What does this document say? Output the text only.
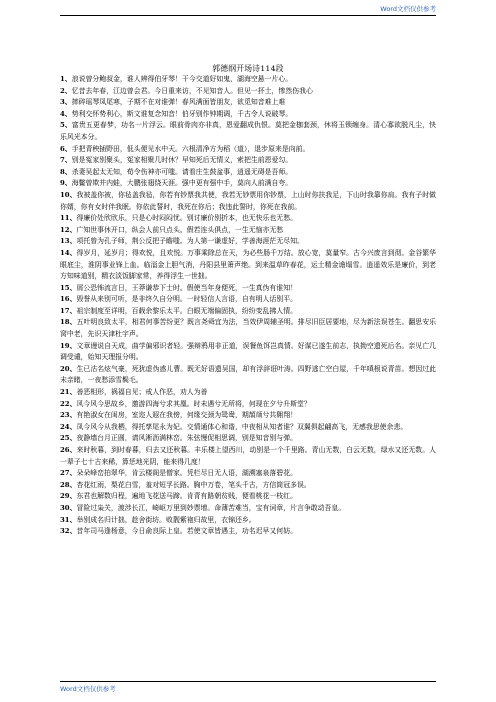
Word文档仅供参考
郭德纲开场诗114段

1、浪说曾分鲍叔金，谁人辨得伯牙琴！干今交道好如鬼，湖海空悬一片心。

2、忆昔去年春，江边曾会君。今日重来访，不见知音人。但见一抔土，惨然伤我心

3、摔碎瑶琴凤尾寒，子期不在对谁弹！春风满面皆朋友，欲觅知音难上难

4、势利交怀势利心，斯文谁复念知音！伯牙别作钟期调，千古令人说破琴。

5、富贵五更春梦，功名一片浮云。眼前骨肉亦非真，恩爱翻成仇恨。莫把金枷套颈，休将玉锁缠身。清心寡欲脱凡尘，快乐风光本分。

6、手把青秧插野田，低头便见水中天。六根清净方为稻（道），退步原来是向前。

7、别是冤家别聚头，冤家相聚几时休？早知死后无情义，索把生前恩爱勾。

8、杀妻吴起太无知，荀令伤神亦可嗤。请看庄生鼓盆事，逍遥无碍是吾师。

9、海鳖曾欺井内蛙，大鹏张翅绕天涯。强中更有强中手，莫向人前满自夸。

10、我被盖你被，你毡盖我毡，你若有钞票我共使，我若无钞票用你钞票，上山时你扶我足，下山时我靠你肩。我有子时做你婿，你有女时伴我眠。你依此誓时，我死在你后；我违此誓时，你死在我前。

11、得廉价处欣欣乐，只是心时闷闷忧。别讨廉价别折本，也无快乐也无愁。

12、广知世事休开口，纵会人前只点头。假若连头俱点，一生无恼亦无愁

13、项托曾为孔子师，荆公反把子瞻嗤。为人第一谦虚好，学善海涯茫无尽知。

14、得岁月，延岁月；得欢悦，且欢悦。万事乘除总在天，为必些肠千万结。放心宽，莫量窄。古今兴废言到彻。金谷繁华眼底尘，淮阴事业锋上血。临淄金上胆气消，丹阳县里箫声绝。到来温草昨春花，运土精金谵塌雪。逍遥效乐是廉价，到老方知味道别，精衣淡饭脚家常，养得浮生一世拙。

15、屑公恐怖流言日，王莽谦恭下士时。假使当年身便死，一生真伪有谁知！

16、毁誉从来别可听，是非终久自分明。一时轻信人言语，自有明人话别平。

17、祖宗制度至详明，百载余黎乐太平。白眼无端偏固执，纷纷变乱拂人情。

18、五叶明良致太平，相君何事苦纷更？既言尧舜宜为法，当效伊周辅圣明。排尽旧臣居要地，尽为新法误苍生。翻思安乐窝中老，先识天津杜宇声。

19、文章谩说自天成，曲学偏邪识者轻。强辩鸦用非正道，误餐鱼饵岂真情。好谋已遂生前志，执拗空遗死后名。亲见亡几调受谴，始知天理报分明。

20、生已沽名炫气豪，死犹虚伪惑儿曹。既无好语遗吴国，却有浮辞诳叶涛。四野逃亡空白屋，千年嗔根说青苗。想因过此未亲睹，一夜愁添雪鬓毛。

21、善恶相形，祸福自见；戒人作恶，劝人为善

22、风今风今思故乡，邀游四海兮求其凰。时未遇兮无所将，何现在夕兮升斯堂？

23、有艳淑女在闺房，室迩人遐在我傍，何缘交颈为鸳鸯，期頡颃兮共翱翔！

24、凤今风今从我栖，得托孳尾永为妃。交情通体心和谐，中夜相从知者谁？双翼俱起翩高飞，无感我思使余悲。

25、夜静墙台月正圆，请风淅沥满林峦。朱弦慢促相思调，别是知音别与弹。

26、来时秋暮，到时春暮，归去又还秋暮。丰乐楼上望西川，动别是一个千里路。青山无数，白云无数，绿水又还无数。人一辈子七十古来稀，算恁地光阴，能来得几度！

27、朵朵峰峦拍翠华，肯云楼阁是僧家。凭栏尽日无人语，湖溯塞泉落碧花。

28、杏花红雨，梨花白雪，羞对短孚长路。胸中万卷，笔头千古，方信筒冠多误。

29、东君也解数归程，遍地飞花送马蹄。肯青有路朝贫贱，便看桃花一枝红。

30、冒险过枭关，渡涉长江，崎岖万里到妙票增。命薄苦难当，宝有词章，片言争敢动吾皇。

31、举别成名归计拙，趁舍街坊。败靓紫袍归故里，衣锦还乡。

32、昔年司马逢杨意，今日俞良际上皇。若使文章皆遇主，功名迟早又何妨。

Word文档仅供参考
